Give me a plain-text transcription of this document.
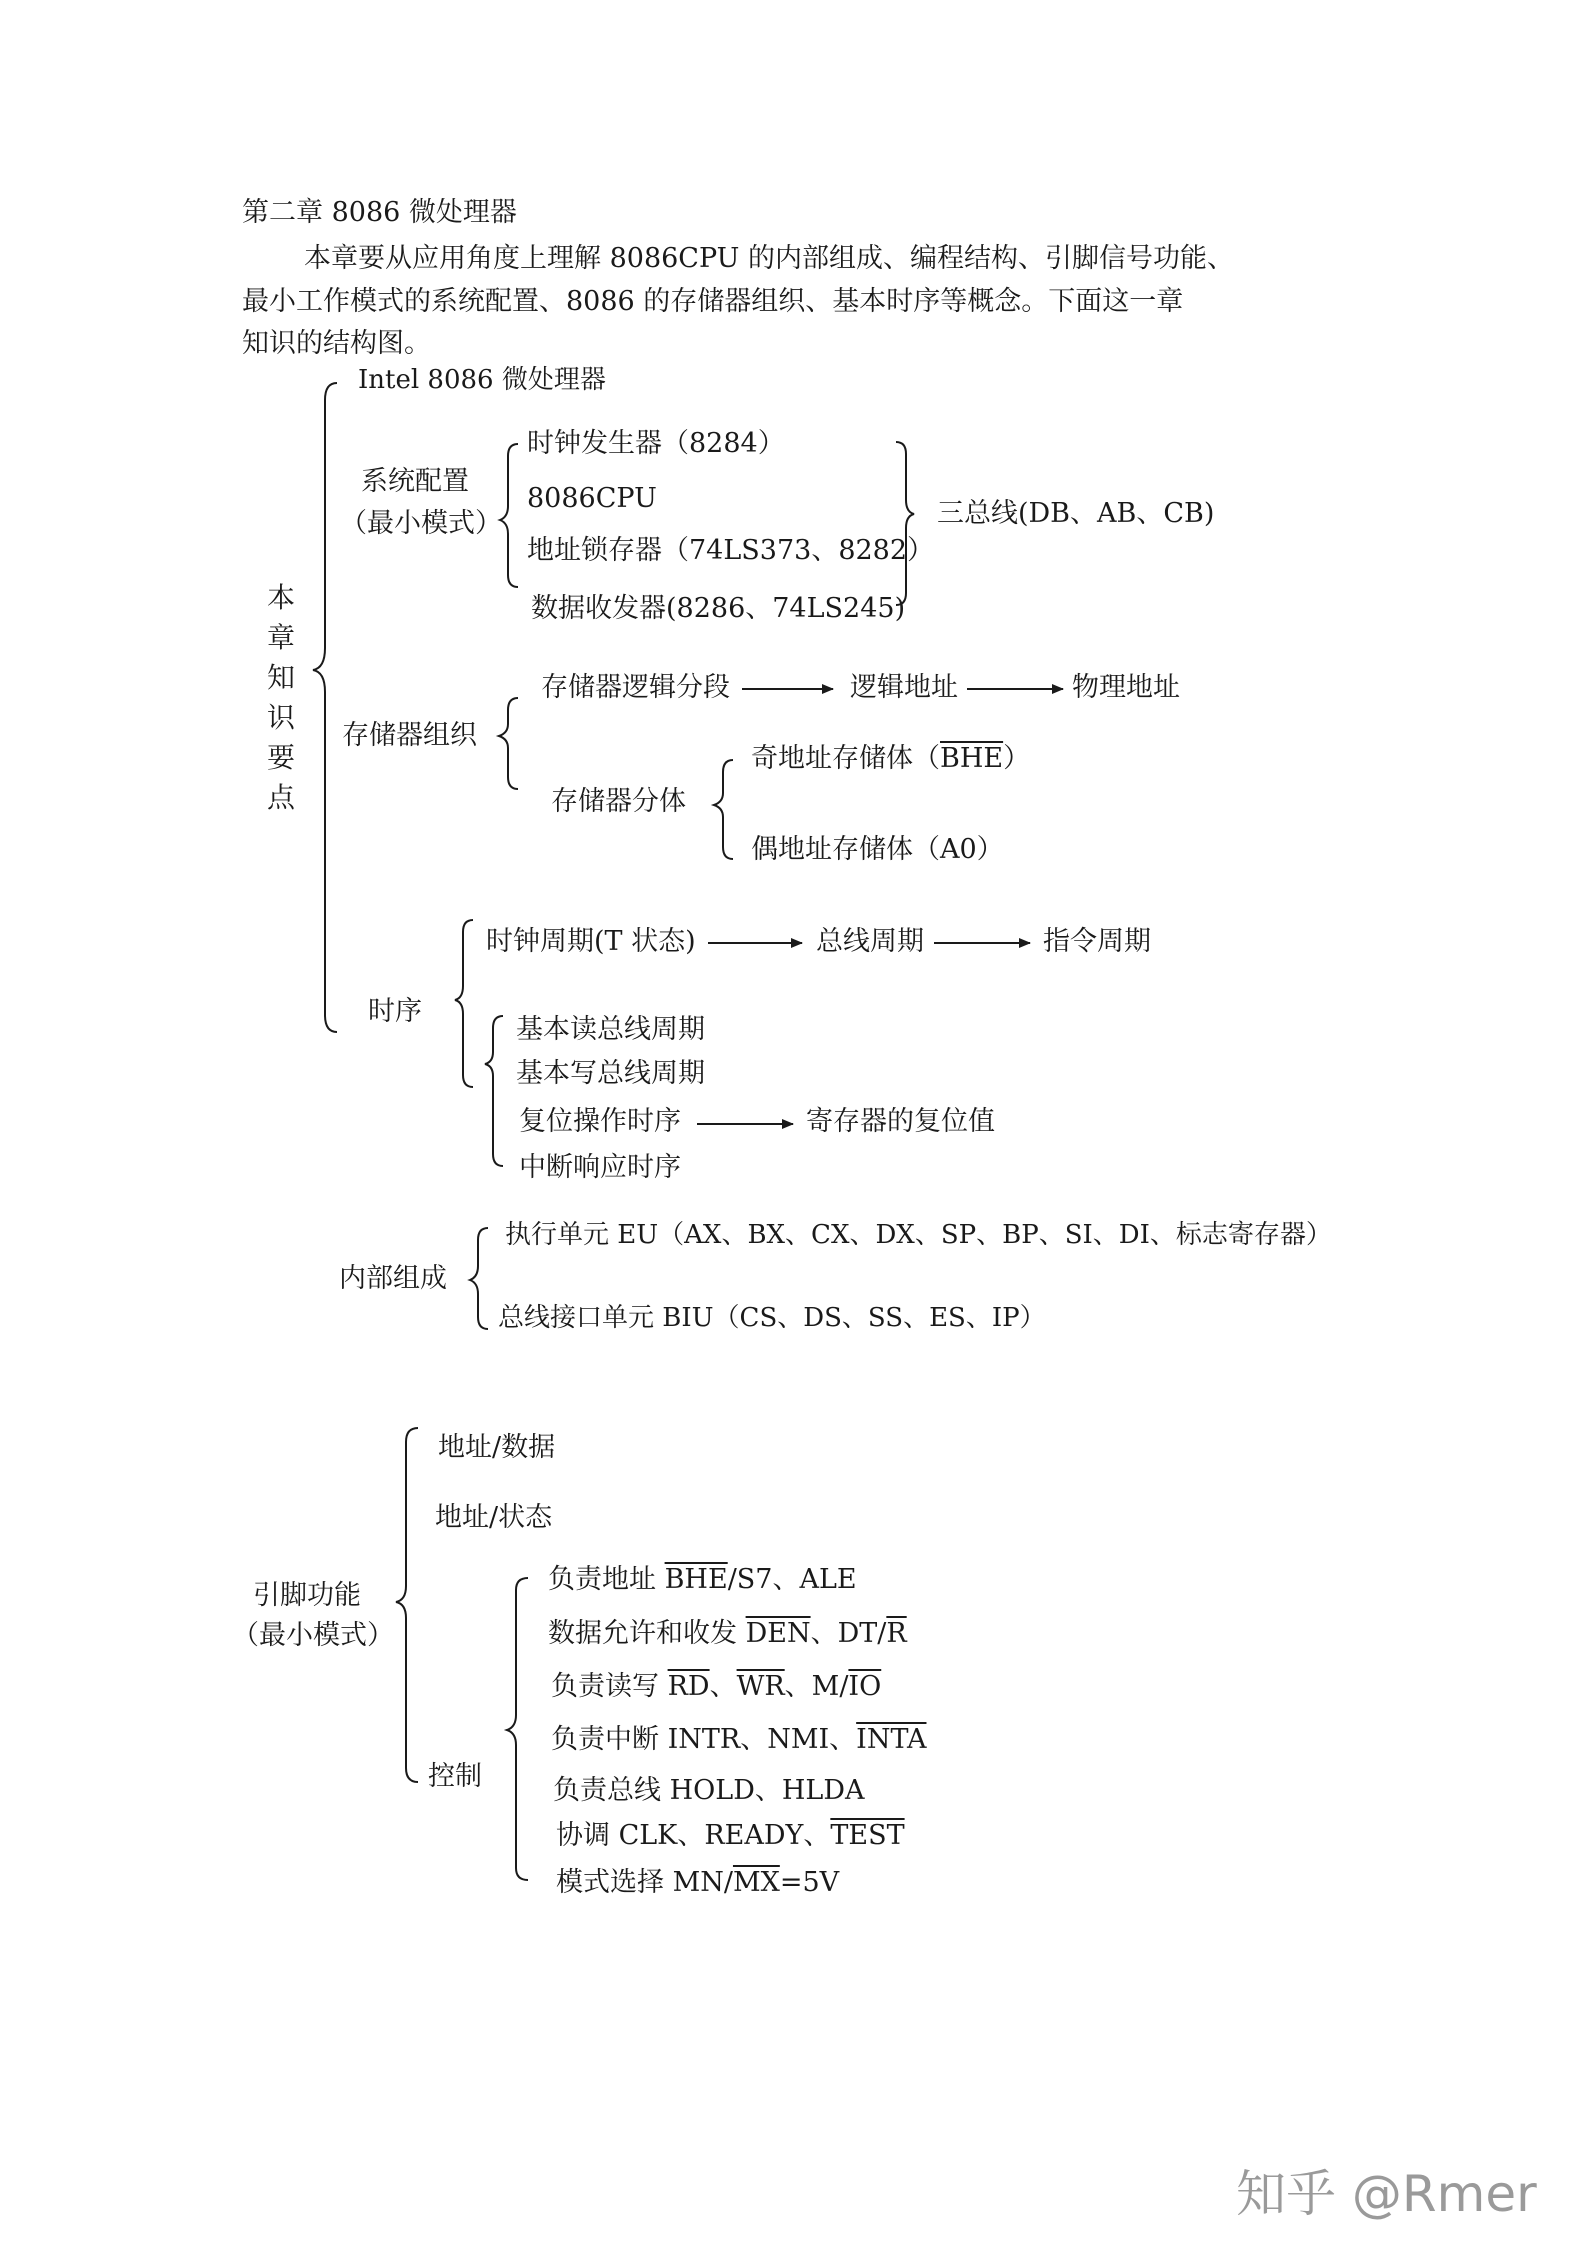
第二章 8086 微处理器
本章要从应用角度上理解 8086CPU 的内部组成、编程结构、引脚信号功能、
最小工作模式的系统配置、8086 的存储器组织、基本时序等概念。下面这一章
知识的结构图。
本
章
知
识
要
点
Intel 8086 微处理器
系统配置
（最小模式）
时钟发生器（8284）
8086CPU
地址锁存器（74LS373、8282）
数据收发器(8286、74LS245)
三总线(DB、AB、CB)
存储器组织
存储器逻辑分段	逻辑地址	物理地址
存储器分体
奇地址存储体$(\overline{BHE})$
偶地址存储体（A0）
时序
时钟周期(T 状态)	总线周期	指令周期
基本读总线周期
基本写总线周期
复位操作时序	寄存器的复位值
中断响应时序
内部组成
执行单元 EU（AX、BX、CX、DX、SP、BP、SI、DI、标志寄存器）
总线接口单元 BIU（CS、DS、SS、ES、IP）
引脚功能
（最小模式）
地址/数据
地址/状态
控制
负责地址 $\overline{BHE}/S7$、ALE
数据允许和收发 $\overline{DEN}$、$DT/\overline{R}$
负责读写 $\overline{RD}$、$\overline{WR}$、$M/\overline{IO}$
负责中断 INTR、NMI、INTA
负责总线 HOLD、HLDA
协调 CLK、READY、TEST
模式选择 $MN/\overline{MX}=5V$
知乎 @Rmer
